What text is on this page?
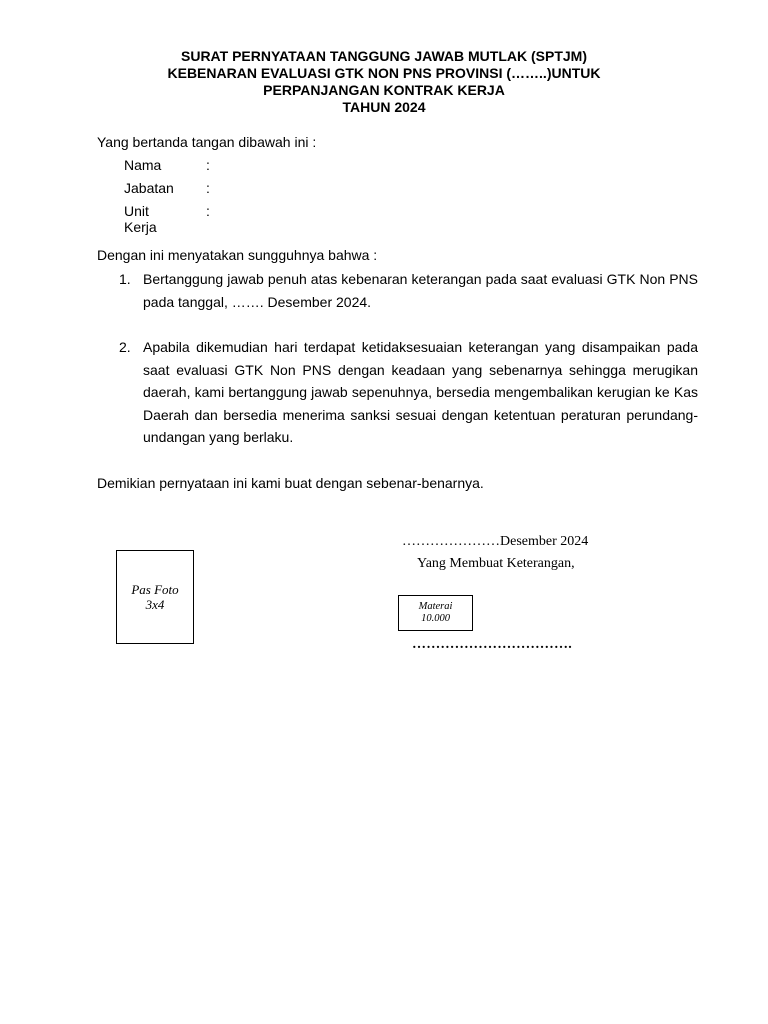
SURAT PERNYATAAN TANGGUNG JAWAB MUTLAK (SPTJM)
KEBENARAN EVALUASI GTK NON PNS PROVINSI (……..)UNTUK
PERPANJANGAN KONTRAK KERJA
TAHUN 2024
Yang bertanda tangan dibawah ini :
Nama	:
Jabatan :
Unit Kerja
:
Dengan ini menyatakan sungguhnya bahwa :
1. Bertanggung jawab penuh atas kebenaran keterangan pada saat evaluasi GTK Non PNS pada tanggal, ……. Desember 2024.
2. Apabila dikemudian hari terdapat ketidaksesuaian keterangan yang disampaikan pada saat evaluasi GTK Non PNS dengan keadaan yang sebenarnya sehingga merugikan daerah, kami bertanggung jawab sepenuhnya, bersedia mengembalikan kerugian ke Kas Daerah dan bersedia menerima sanksi sesuai dengan ketentuan peraturan perundang-undangan yang berlaku.
Demikian pernyataan ini kami buat dengan sebenar-benarnya.
…………………Desember 2024
Yang Membuat Keterangan,
Pas Foto
3x4	Materai
10.000
…………………………….
